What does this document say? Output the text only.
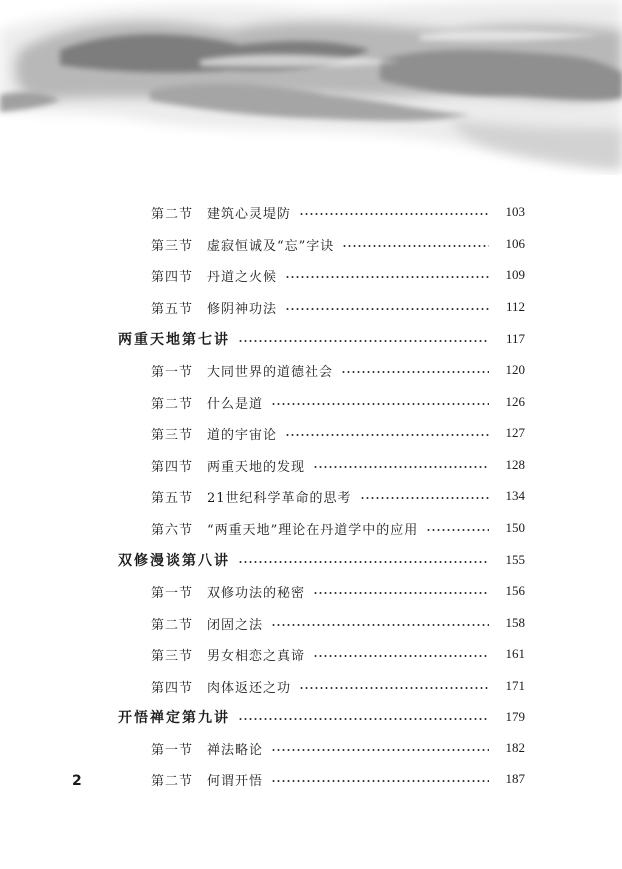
第二节 建筑心灵堤防	103
第三节 虚寂恒诚及“忘”字诀	106
第四节 丹道之火候	109
第五节 修阴神功法	112
两重天地第七讲	117
第一节 大同世界的道德社会	120
第二节 什么是道	126
第三节 道的宇宙论	127
第四节 两重天地的发现	128
第五节 21世纪科学革命的思考	134
第六节 “两重天地”理论在丹道学中的应用	150
双修漫谈第八讲	155
第一节 双修功法的秘密	156
第二节 闭固之法	158
第三节 男女相恋之真谛	161
第四节 肉体返还之功	171
开悟禅定第九讲	179
第一节 禅法略论	182
第二节 何谓开悟	187
2
